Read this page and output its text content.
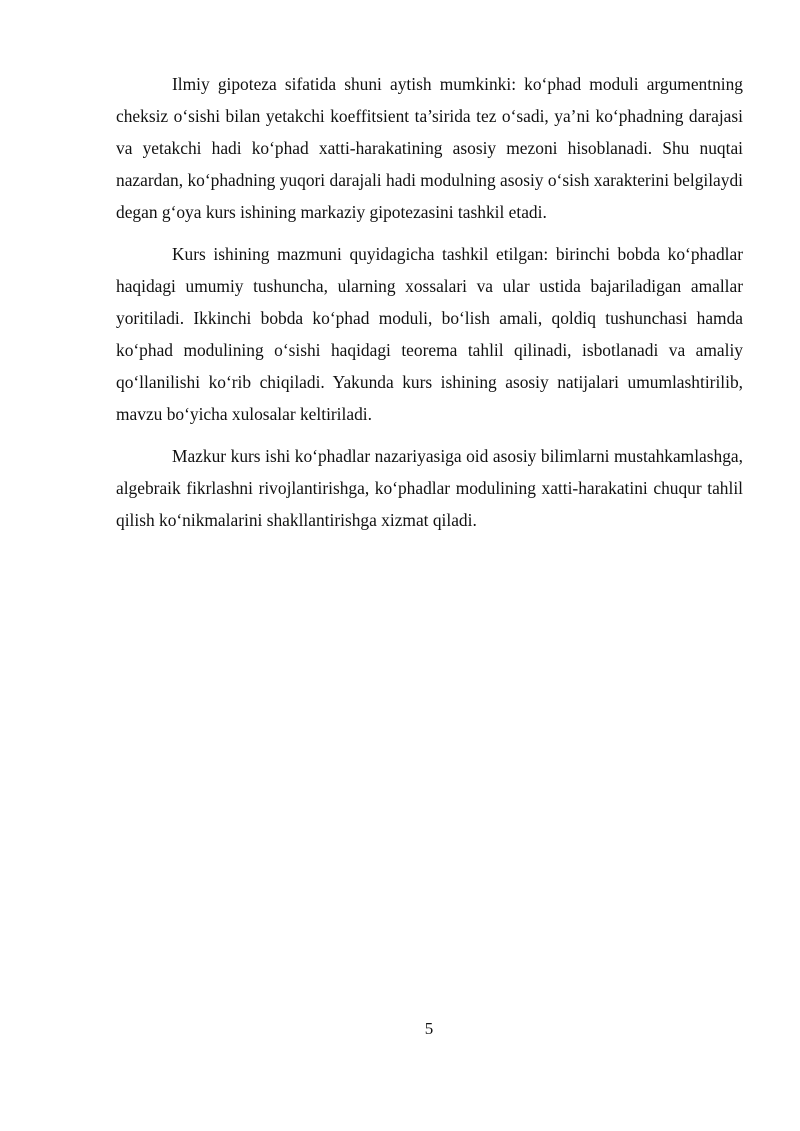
Ilmiy gipoteza sifatida shuni aytish mumkinki: ko‘phad moduli argumentning cheksiz o‘sishi bilan yetakchi koeffitsient ta’sirida tez o‘sadi, ya’ni ko‘phadning darajasi va yetakchi hadi ko‘phad xatti-harakatining asosiy mezoni hisoblanadi. Shu nuqtai nazardan, ko‘phadning yuqori darajali hadi modulning asosiy o‘sish xarakterini belgilaydi degan g‘oya kurs ishining markaziy gipotezasini tashkil etadi.

Kurs ishining mazmuni quyidagicha tashkil etilgan: birinchi bobda ko‘phadlar haqidagi umumiy tushuncha, ularning xossalari va ular ustida bajariladigan amallar yoritiladi. Ikkinchi bobda ko‘phad moduli, bo‘lish amali, qoldiq tushunchasi hamda ko‘phad modulining o‘sishi haqidagi teorema tahlil qilinadi, isbotlanadi va amaliy qo‘llanilishi ko‘rib chiqiladi. Yakunda kurs ishining asosiy natijalari umumlashtirilib, mavzu bo‘yicha xulosalar keltiriladi.

Mazkur kurs ishi ko‘phadlar nazariyasiga oid asosiy bilimlarni mustahkamlashga, algebraik fikrlashni rivojlantirishga, ko‘phadlar modulining xatti-harakatini chuqur tahlil qilish ko‘nikmalarini shakllantirishga xizmat qiladi.

5
